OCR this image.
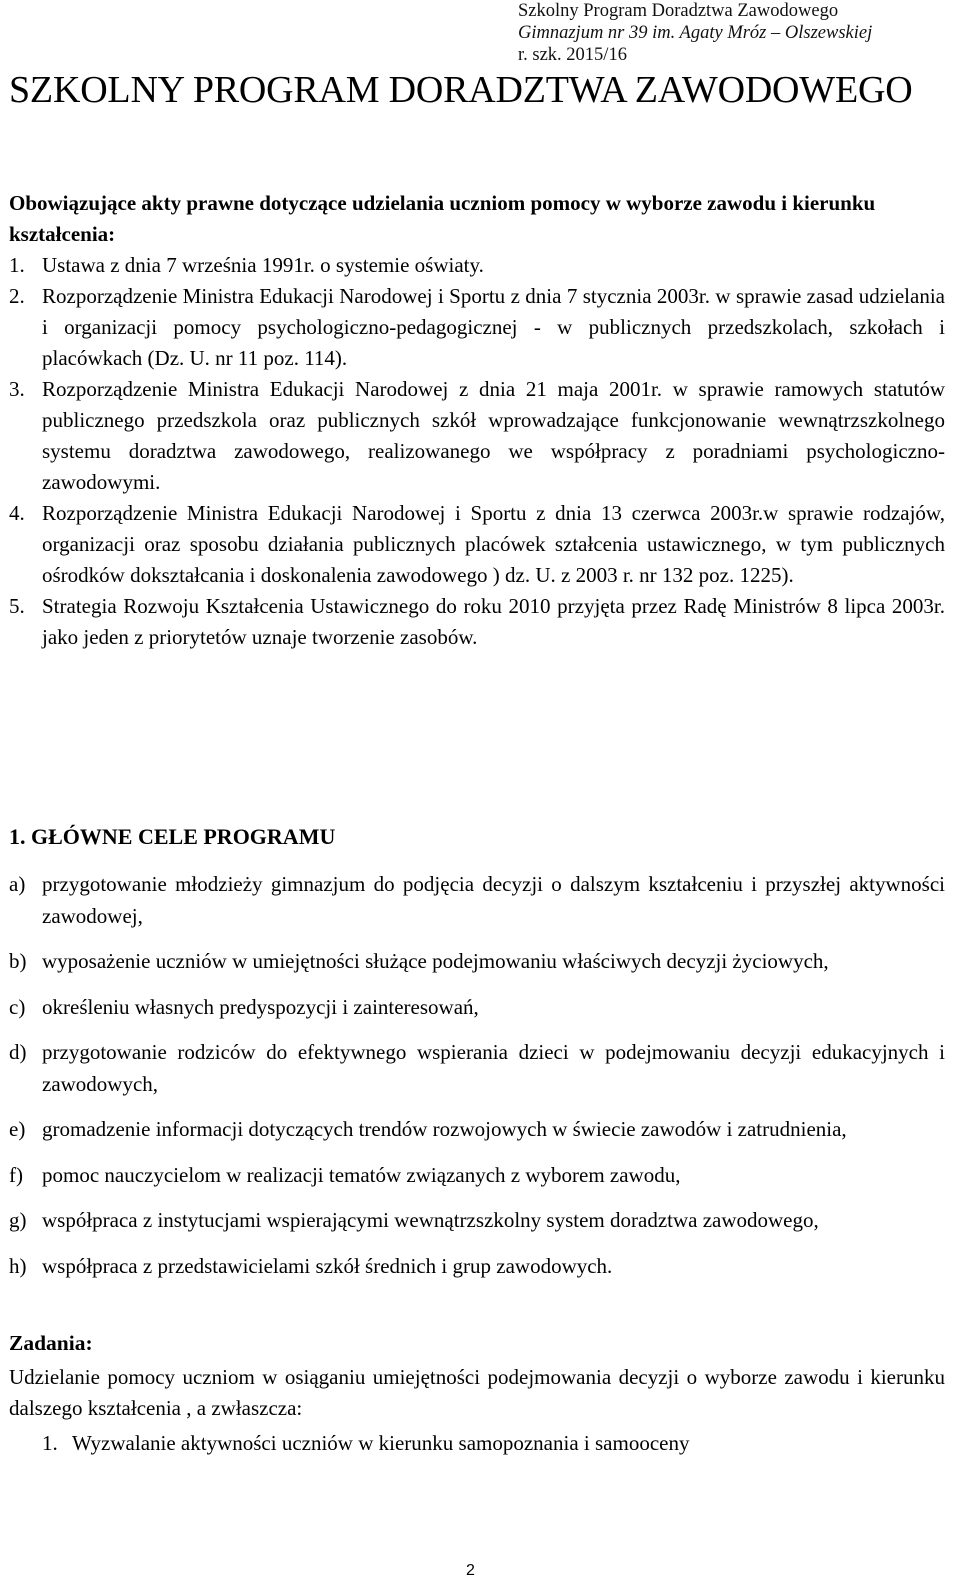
Szkolny Program Doradztwa Zawodowego
Gimnazjum nr 39 im. Agaty Mróz – Olszewskiej
r. szk. 2015/16
SZKOLNY PROGRAM DORADZTWA ZAWODOWEGO

Obowiązujące akty prawne dotyczące udzielania uczniom pomocy w wyborze zawodu i kierunku kształcenia:

1. Ustawa z dnia 7 września 1991r. o systemie oświaty.
2. Rozporządzenie Ministra Edukacji Narodowej i Sportu z dnia 7 stycznia 2003r. w sprawie zasad udzielania i organizacji pomocy psychologiczno-pedagogicznej - w publicznych przedszkolach, szkołach i placówkach (Dz. U. nr 11 poz. 114).
3. Rozporządzenie Ministra Edukacji Narodowej z dnia 21 maja 2001r. w sprawie ramowych statutów publicznego przedszkola oraz publicznych szkół wprowadzające funkcjonowanie wewnątrzszkolnego systemu doradztwa zawodowego, realizowanego we współpracy z poradniami psychologiczno- zawodowymi.
4. Rozporządzenie Ministra Edukacji Narodowej i Sportu z dnia 13 czerwca 2003r.w sprawie rodzajów, organizacji oraz sposobu działania publicznych placówek ształcenia ustawicznego, w tym publicznych ośrodków dokształcania i doskonalenia zawodowego ) dz. U. z 2003 r. nr 132 poz. 1225).
5. Strategia Rozwoju Kształcenia Ustawicznego do roku 2010 przyjęta przez Radę Ministrów 8 lipca 2003r. jako jeden z priorytetów uznaje tworzenie zasobów.

1. GŁÓWNE CELE PROGRAMU

a) przygotowanie młodzieży gimnazjum do podjęcia decyzji o dalszym kształceniu i przyszłej aktywności zawodowej,
b) wyposażenie uczniów w umiejętności służące podejmowaniu właściwych decyzji życiowych,
c) określeniu własnych predyspozycji i zainteresowań,
d) przygotowanie rodziców do efektywnego wspierania dzieci w podejmowaniu decyzji edukacyjnych i zawodowych,
e) gromadzenie informacji dotyczących trendów rozwojowych w świecie zawodów i zatrudnienia,
f) pomoc nauczycielom w realizacji tematów związanych z wyborem zawodu,
g) współpraca z instytucjami wspierającymi wewnątrzszkolny system doradztwa zawodowego,
h) współpraca z przedstawicielami szkół średnich i grup zawodowych.

Zadania:

Udzielanie pomocy uczniom w osiąganiu umiejętności podejmowania decyzji o wyborze zawodu i kierunku dalszego kształcenia , a zwłaszcza:

1. Wyzwalanie aktywności uczniów w kierunku samopoznania i samooceny
2
